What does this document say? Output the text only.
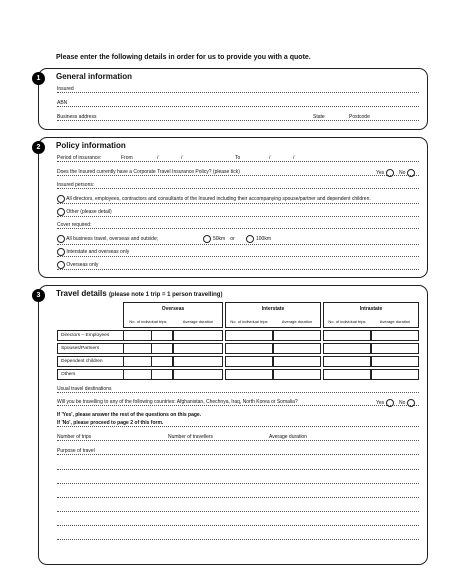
Please enter the following details in order for us to provide you with a quote.
1	General information
Insured
ABN
Business address	State	Postcode
2	Policy information
Period of insurance:	From	/	/	To	/	/
Does the Insured currently have a Corporate Travel Insurance Policy? (please tick)	Yes	No
Insured persons:
All directors, employees, contractors and consultants of the Insured including their accompanying spouse/partner and dependent children.
Other (please detail)
Cover required:
All business travel, overseas and outside;	50km or	100km
Interstate and overseas only
Overseas only
3	Travel details (please note 1 trip = 1 person travelling)
Overseas	Interstate	Intrastate
No. of individual trips	Average duration	No. of individual trips	Average duration	No. of individual trips	Average duration
Directors – Employees
Spouses/Partners
Dependent children
Others
Usual travel destinations
Will you be travelling to any of the following countries: Afghanistan, Chechnya, Iraq, North Korea or Somalia?	Yes	No
If 'Yes', please answer the rest of the questions on this page.
If 'No', please proceed to page 2 of this form.
Number of trips	Number of travellers	Average duration
Purpose of travel
